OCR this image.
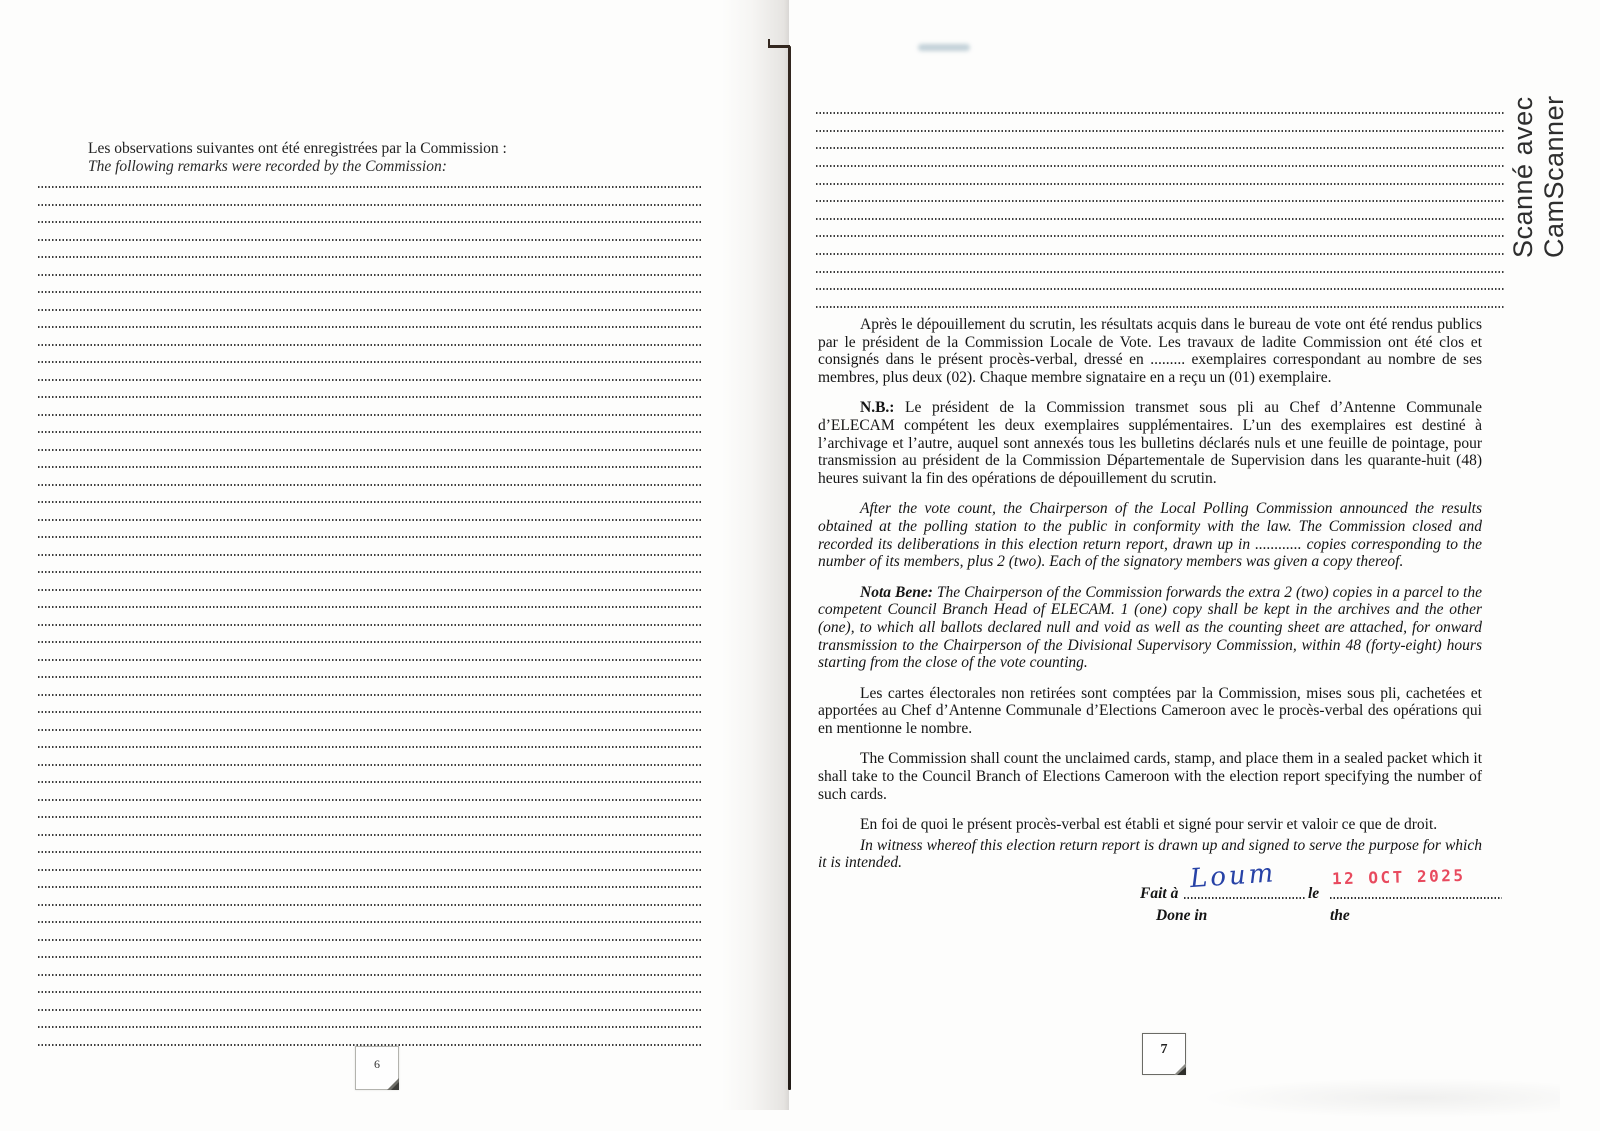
Les observations suivantes ont été enregistrées par la Commission :
The following remarks were recorded by the Commission:
6

Après le dépouillement du scrutin, les résultats acquis dans le bureau de vote ont été rendus publics par le président de la Commission Locale de Vote. Les travaux de ladite Commission ont été clos et consignés dans le présent procès-verbal, dressé en ......... exemplaires correspondant au nombre de ses membres, plus deux (02). Chaque membre signataire en a reçu un (01) exemplaire.

N.B.: Le président de la Commission transmet sous pli au Chef d’Antenne Communale d’ELECAM compétent les deux exemplaires supplémentaires. L’un des exemplaires est destiné à l’archivage et l’autre, auquel sont annexés tous les bulletins déclarés nuls et une feuille de pointage, pour transmission au président de la Commission Départementale de Supervision dans les quarante-huit (48) heures suivant la fin des opérations de dépouillement du scrutin.

After the vote count, the Chairperson of the Local Polling Commission announced the results obtained at the polling station to the public in conformity with the law. The Commission closed and recorded its deliberations in this election return report, drawn up in ............ copies corresponding to the number of its members, plus 2 (two). Each of the signatory members was given a copy thereof.

Nota Bene: The Chairperson of the Commission forwards the extra 2 (two) copies in a parcel to the competent Council Branch Head of ELECAM. 1 (one) copy shall be kept in the archives and the other (one), to which all ballots declared null and void as well as the counting sheet are attached, for onward transmission to the Chairperson of the Divisional Supervisory Commission, within 48 (forty-eight) hours starting from the close of the vote counting.

Les cartes électorales non retirées sont comptées par la Commission, mises sous pli, cachetées et apportées au Chef d’Antenne Communale d’Elections Cameroon avec le procès-verbal des opérations qui en mentionne le nombre.

The Commission shall count the unclaimed cards, stamp, and place them in a sealed packet which it shall take to the Council Branch of Elections Cameroon with the election report specifying the number of such cards.

En foi de quoi le présent procès-verbal est établi et signé pour servir et valoir ce que de droit.

In witness whereof this election return report is drawn up and signed to serve the purpose for which it is intended.

Fait à Loum	le
12 OCT 2025
Done in	the
7
Scanné avec CamScanner
